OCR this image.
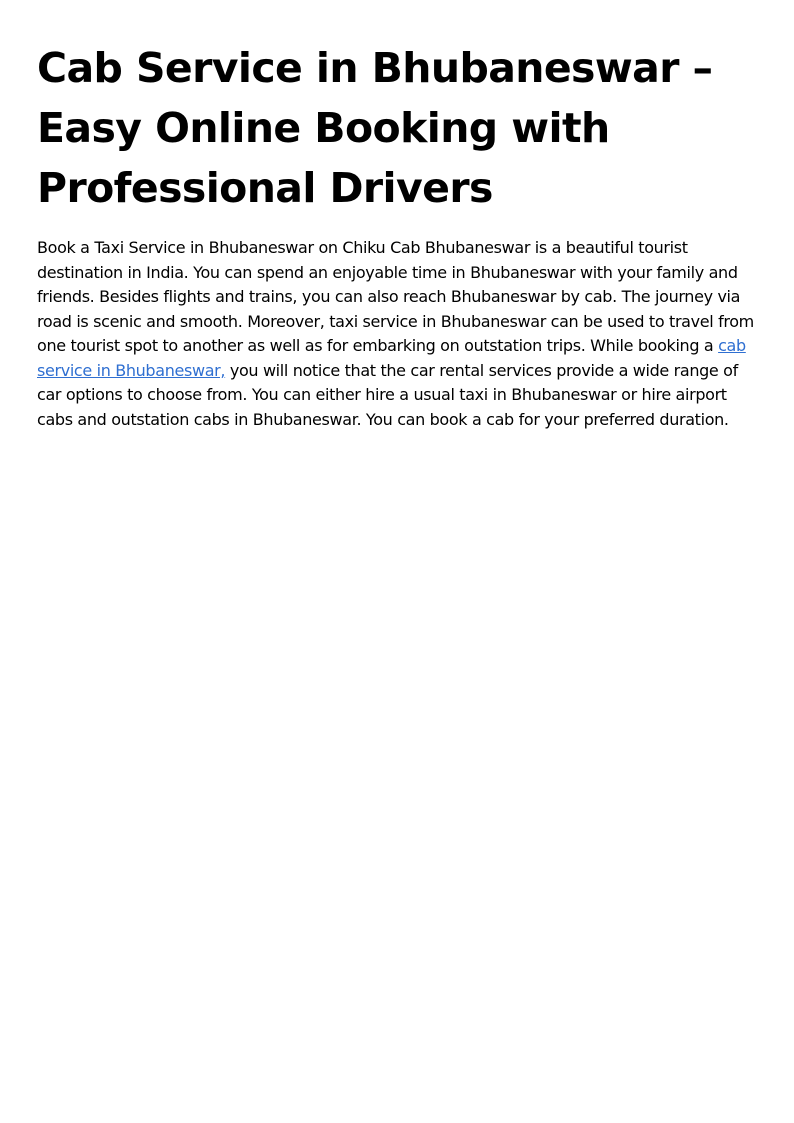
Cab Service in Bhubaneswar – Easy Online Booking with Professional Drivers

Book a Taxi Service in Bhubaneswar on Chiku Cab Bhubaneswar is a beautiful tourist destination in India. You can spend an enjoyable time in Bhubaneswar with your family and friends. Besides flights and trains, you can also reach Bhubaneswar by cab. The journey via road is scenic and smooth. Moreover, taxi service in Bhubaneswar can be used to travel from one tourist spot to another as well as for embarking on outstation trips. While booking a cab service in Bhubaneswar, you will notice that the car rental services provide a wide range of car options to choose from. You can either hire a usual taxi in Bhubaneswar or hire airport cabs and outstation cabs in Bhubaneswar. You can book a cab for your preferred duration.
